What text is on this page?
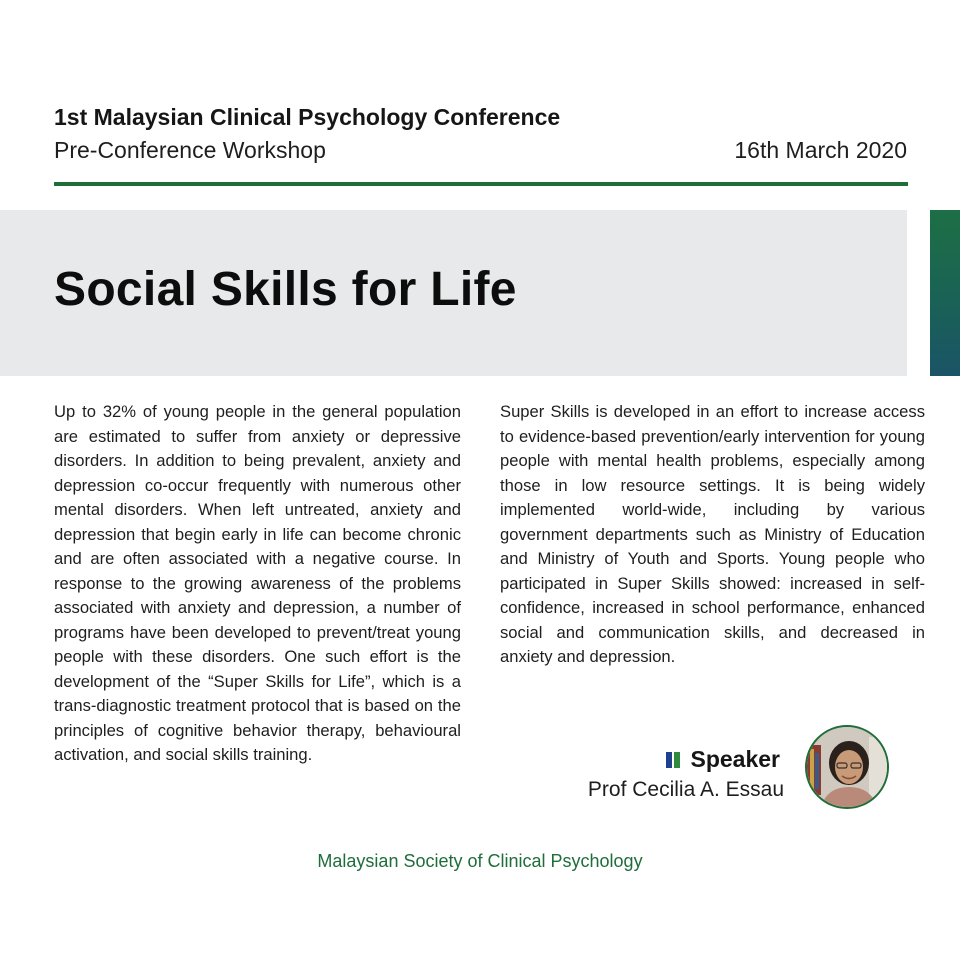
1st Malaysian Clinical Psychology Conference
Pre-Conference Workshop	16th March 2020
Social Skills for Life
Up to 32% of young people in the general population are estimated to suffer from anxiety or depressive disorders. In addition to being prevalent, anxiety and depression co-occur frequently with numerous other mental disorders. When left untreated, anxiety and depression that begin early in life can become chronic and are often associated with a negative course. In response to the growing awareness of the problems associated with anxiety and depression, a number of programs have been developed to prevent/treat young people with these disorders. One such effort is the development of the “Super Skills for Life”, which is a trans-diagnostic treatment protocol that is based on the principles of cognitive behavior therapy, behavioural activation, and social skills training.
Super Skills is developed in an effort to increase access to evidence-based prevention/early intervention for young people with mental health problems, especially among those in low resource settings. It is being widely implemented world-wide, including by various government departments such as Ministry of Education and Ministry of Youth and Sports. Young people who participated in Super Skills showed: increased in self-confidence, increased in school performance, enhanced social and communication skills, and decreased in anxiety and depression.
Speaker
Prof Cecilia A. Essau
Malaysian Society of Clinical Psychology
